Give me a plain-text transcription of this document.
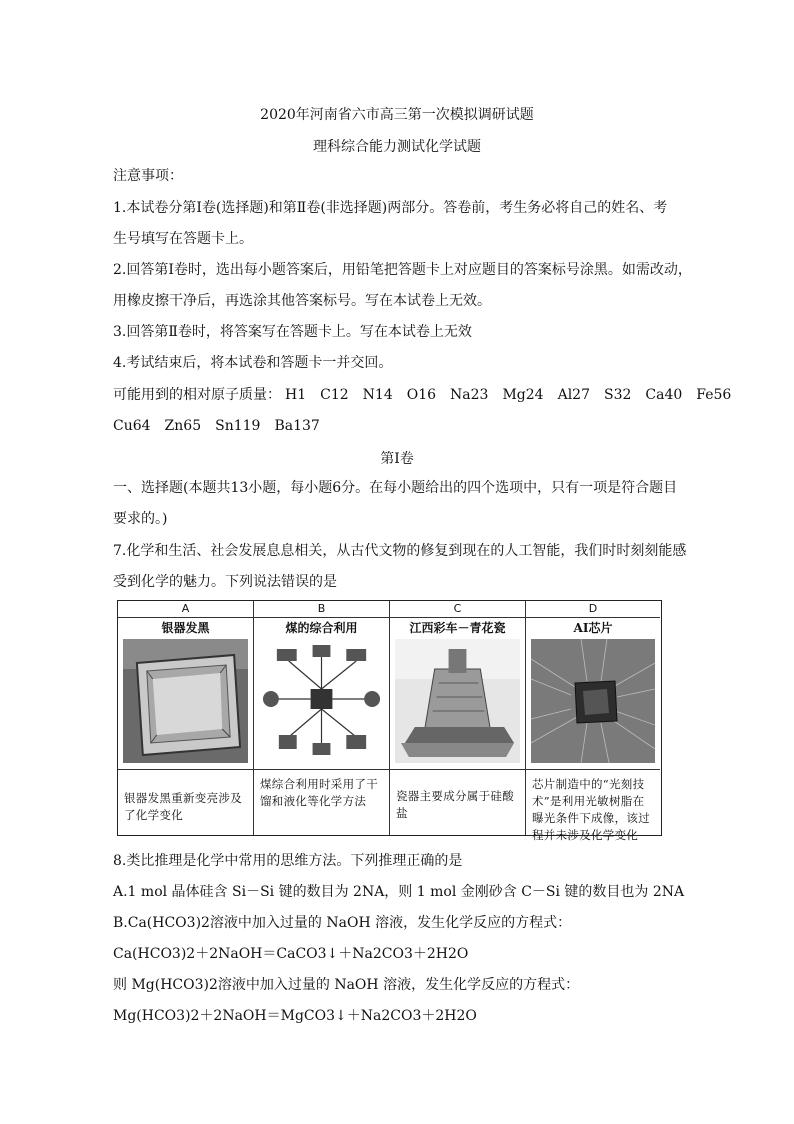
2020年河南省六市高三第一次模拟调研试题
理科综合能力测试化学试题
注意事项：
1.本试卷分第Ⅰ卷(选择题)和第Ⅱ卷(非选择题)两部分。答卷前，考生务必将自己的姓名、考
生号填写在答题卡上。
2.回答第Ⅰ卷时，选出每小题答案后，用铅笔把答题卡上对应题目的答案标号涂黑。如需改动，
用橡皮擦干净后，再选涂其他答案标号。写在本试卷上无效。
3.回答第Ⅱ卷时，将答案写在答题卡上。写在本试卷上无效
4.考试结束后，将本试卷和答题卡一并交回。
可能用到的相对原子质量： H1 C12 N14 O16 Na23 Mg24 Al27 S32 Ca40 Fe56
Cu64 Zn65 Sn119 Ba137
第Ⅰ卷
一、选择题(本题共13小题，每小题6分。在每小题给出的四个选项中，只有一项是符合题目
要求的。)
7.化学和生活、社会发展息息相关，从古代文物的修复到现在的人工智能，我们时时刻刻能感
受到化学的魅力。下列说法错误的是
A
银器发黑
银器发黑重新变亮涉及了化学变化
B
煤的综合利用
煤综合利用时采用了干馏和液化等化学方法
C
江西彩车－青花瓷
瓷器主要成分属于硅酸盐
D
AI芯片
芯片制造中的“光刻技术”是利用光敏树脂在曝光条件下成像，该过程并未涉及化学变化
8.类比推理是化学中常用的思维方法。下列推理正确的是
A.1 mol 晶体硅含 Si－Si 键的数目为 2NA，则 1 mol 金刚砂含 C－Si 键的数目也为 2NA
B.Ca(HCO3)2溶液中加入过量的 NaOH 溶液，发生化学反应的方程式：
Ca(HCO3)2＋2NaOH＝CaCO3↓＋Na2CO3＋2H2O
则 Mg(HCO3)2溶液中加入过量的 NaOH 溶液，发生化学反应的方程式：
Mg(HCO3)2＋2NaOH＝MgCO3↓＋Na2CO3＋2H2O
